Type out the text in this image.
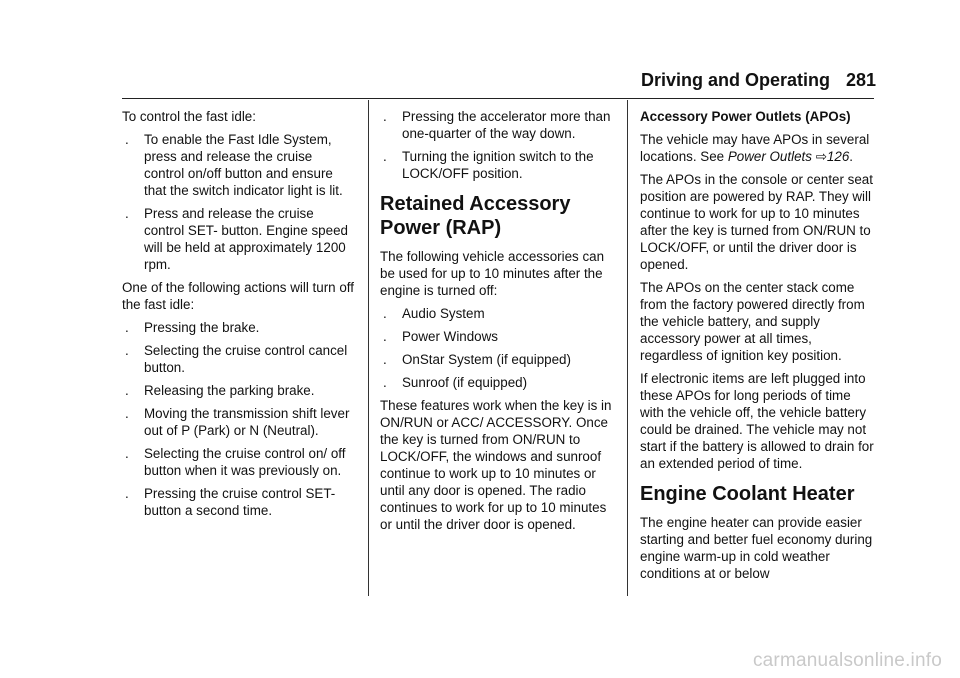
Driving and Operating 281

To control the fast idle:

. To enable the Fast Idle System, press and release the cruise control on/off button and ensure that the switch indicator light is lit.
. Press and release the cruise control SET- button. Engine speed will be held at approximately 1200 rpm.

One of the following actions will turn off the fast idle:

. Pressing the brake.
. Selecting the cruise control cancel button.
. Releasing the parking brake.
. Moving the transmission shift lever out of P (Park) or N (Neutral).
. Selecting the cruise control on/ off button when it was previously on.
. Pressing the cruise control SET- button a second time.
. Pressing the accelerator more than one-quarter of the way down.
. Turning the ignition switch to the LOCK/OFF position.
Retained Accessory Power (RAP)

The following vehicle accessories can be used for up to 10 minutes after the engine is turned off:

. Audio System
. Power Windows
. OnStar System (if equipped)
. Sunroof (if equipped)

These features work when the key is in ON/RUN or ACC/ ACCESSORY. Once the key is turned from ON/RUN to LOCK/OFF, the windows and sunroof continue to work up to 10 minutes or until any door is opened. The radio continues to work for up to 10 minutes or until the driver door is opened.

Accessory Power Outlets (APOs)

The vehicle may have APOs in several locations. See Power Outlets ⇨126.

The APOs in the console or center seat position are powered by RAP. They will continue to work for up to 10 minutes after the key is turned from ON/RUN to LOCK/OFF, or until the driver door is opened.

The APOs on the center stack come from the factory powered directly from the vehicle battery, and supply accessory power at all times, regardless of ignition key position.

If electronic items are left plugged into these APOs for long periods of time with the vehicle off, the vehicle battery could be drained. The vehicle may not start if the battery is allowed to drain for an extended period of time.

Engine Coolant Heater

The engine heater can provide easier starting and better fuel economy during engine warm-up in cold weather conditions at or below

carmanualsonline.info
